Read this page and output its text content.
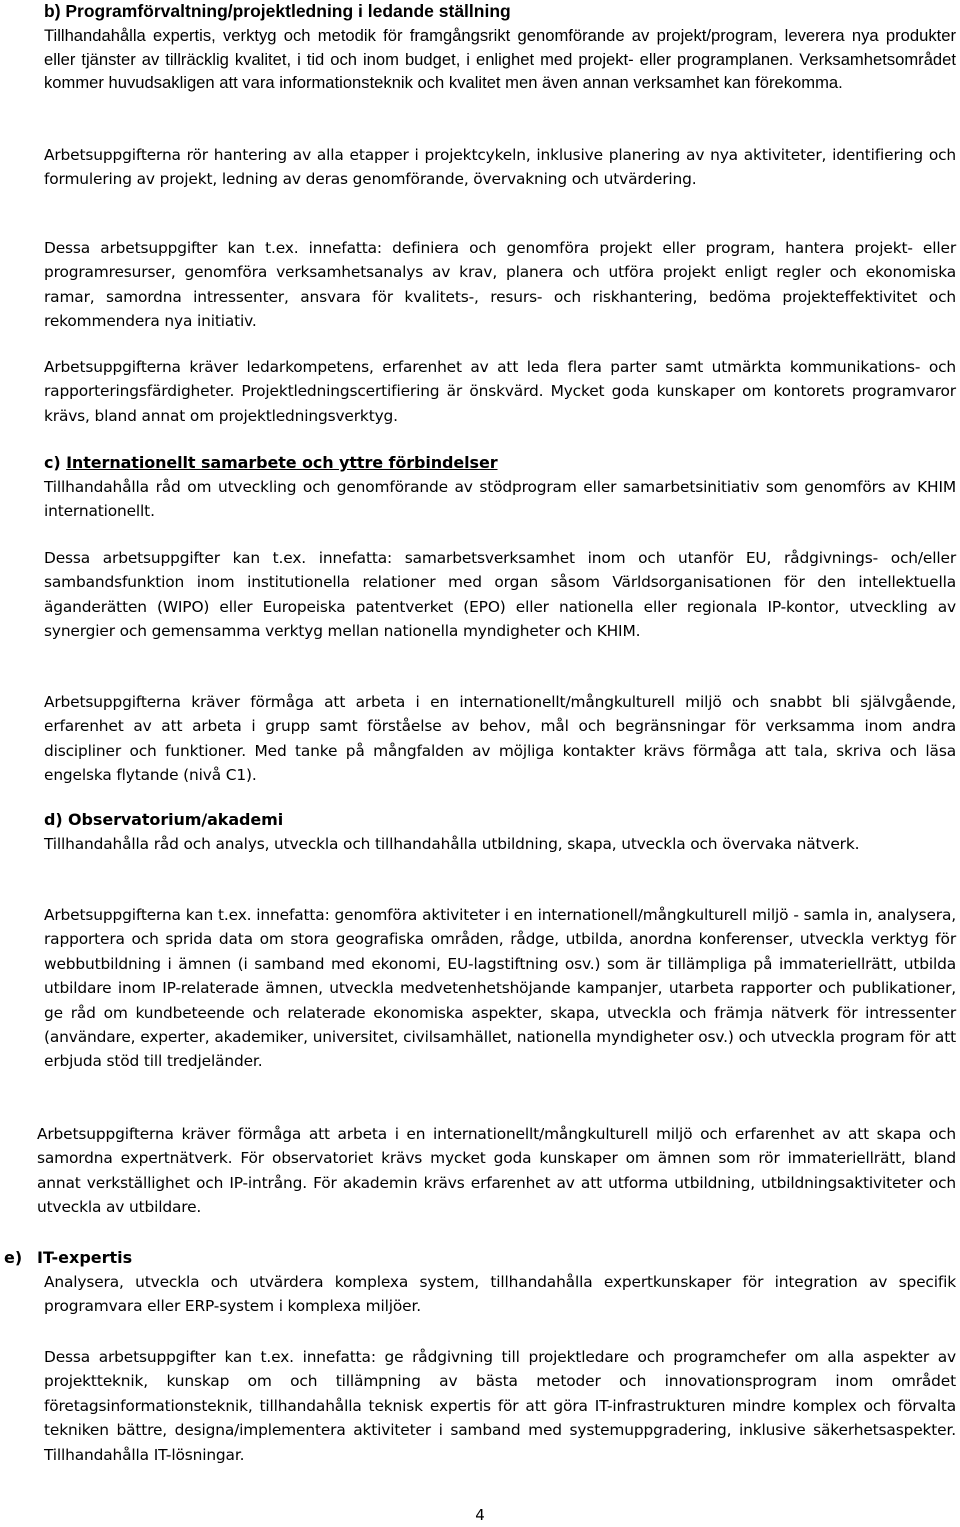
b) Programförvaltning/projektledning i ledande ställning
Tillhandahålla expertis, verktyg och metodik för framgångsrikt genomförande av projekt/program, leverera nya produkter eller tjänster av tillräcklig kvalitet, i tid och inom budget, i enlighet med projekt- eller programplanen. Verksamhetsområdet kommer huvudsakligen att vara informationsteknik och kvalitet men även annan verksamhet kan förekomma.
Arbetsuppgifterna rör hantering av alla etapper i projektcykeln, inklusive planering av nya aktiviteter, identifiering och formulering av projekt, ledning av deras genomförande, övervakning och utvärdering.
Dessa arbetsuppgifter kan t.ex. innefatta: definiera och genomföra projekt eller program, hantera projekt- eller programresurser, genomföra verksamhetsanalys av krav, planera och utföra projekt enligt regler och ekonomiska ramar, samordna intressenter, ansvara för kvalitets-, resurs- och riskhantering, bedöma projekteffektivitet och rekommendera nya initiativ.
Arbetsuppgifterna kräver ledarkompetens, erfarenhet av att leda flera parter samt utmärkta kommunikations- och rapporteringsfärdigheter. Projektledningscertifiering är önskvärd. Mycket goda kunskaper om kontorets programvaror krävs, bland annat om projektledningsverktyg.
c) Internationellt samarbete och yttre förbindelser
Tillhandahålla råd om utveckling och genomförande av stödprogram eller samarbetsinitiativ som genomförs av KHIM internationellt.
Dessa arbetsuppgifter kan t.ex. innefatta: samarbetsverksamhet inom och utanför EU, rådgivnings- och/eller sambandsfunktion inom institutionella relationer med organ såsom Världsorganisationen för den intellektuella äganderätten (WIPO) eller Europeiska patentverket (EPO) eller nationella eller regionala IP-kontor, utveckling av synergier och gemensamma verktyg mellan nationella myndigheter och KHIM.
Arbetsuppgifterna kräver förmåga att arbeta i en internationellt/mångkulturell miljö och snabbt bli självgående, erfarenhet av att arbeta i grupp samt förståelse av behov, mål och begränsningar för verksamma inom andra discipliner och funktioner. Med tanke på mångfalden av möjliga kontakter krävs förmåga att tala, skriva och läsa engelska flytande (nivå C1).
d) Observatorium/akademi
Tillhandahålla råd och analys, utveckla och tillhandahålla utbildning, skapa, utveckla och övervaka nätverk.
Arbetsuppgifterna kan t.ex. innefatta: genomföra aktiviteter i en internationell/mångkulturell miljö - samla in, analysera, rapportera och sprida data om stora geografiska områden, rådge, utbilda, anordna konferenser, utveckla verktyg för webbutbildning i ämnen (i samband med ekonomi, EU-lagstiftning osv.) som är tillämpliga på immateriellrätt, utbilda utbildare inom IP-relaterade ämnen, utveckla medvetenhetshöjande kampanjer, utarbeta rapporter och publikationer, ge råd om kundbeteende och relaterade ekonomiska aspekter, skapa, utveckla och främja nätverk för intressenter (användare, experter, akademiker, universitet, civilsamhället, nationella myndigheter osv.) och utveckla program för att erbjuda stöd till tredjeländer.
Arbetsuppgifterna kräver förmåga att arbeta i en internationellt/mångkulturell miljö och erfarenhet av att skapa och samordna expertnätverk. För observatoriet krävs mycket goda kunskaper om ämnen som rör immateriellrätt, bland annat verkställighet och IP-intrång. För akademin krävs erfarenhet av att utforma utbildning, utbildningsaktiviteter och utveckla av utbildare.
e) IT-expertis
Analysera, utveckla och utvärdera komplexa system, tillhandahålla expertkunskaper för integration av specifik programvara eller ERP-system i komplexa miljöer.
Dessa arbetsuppgifter kan t.ex. innefatta: ge rådgivning till projektledare och programchefer om alla aspekter av projektteknik, kunskap om och tillämpning av bästa metoder och innovationsprogram inom området företagsinformationsteknik, tillhandahålla teknisk expertis för att göra IT-infrastrukturen mindre komplex och förvalta tekniken bättre, designa/implementera aktiviteter i samband med systemuppgradering, inklusive säkerhetsaspekter. Tillhandahålla IT-lösningar.
4
